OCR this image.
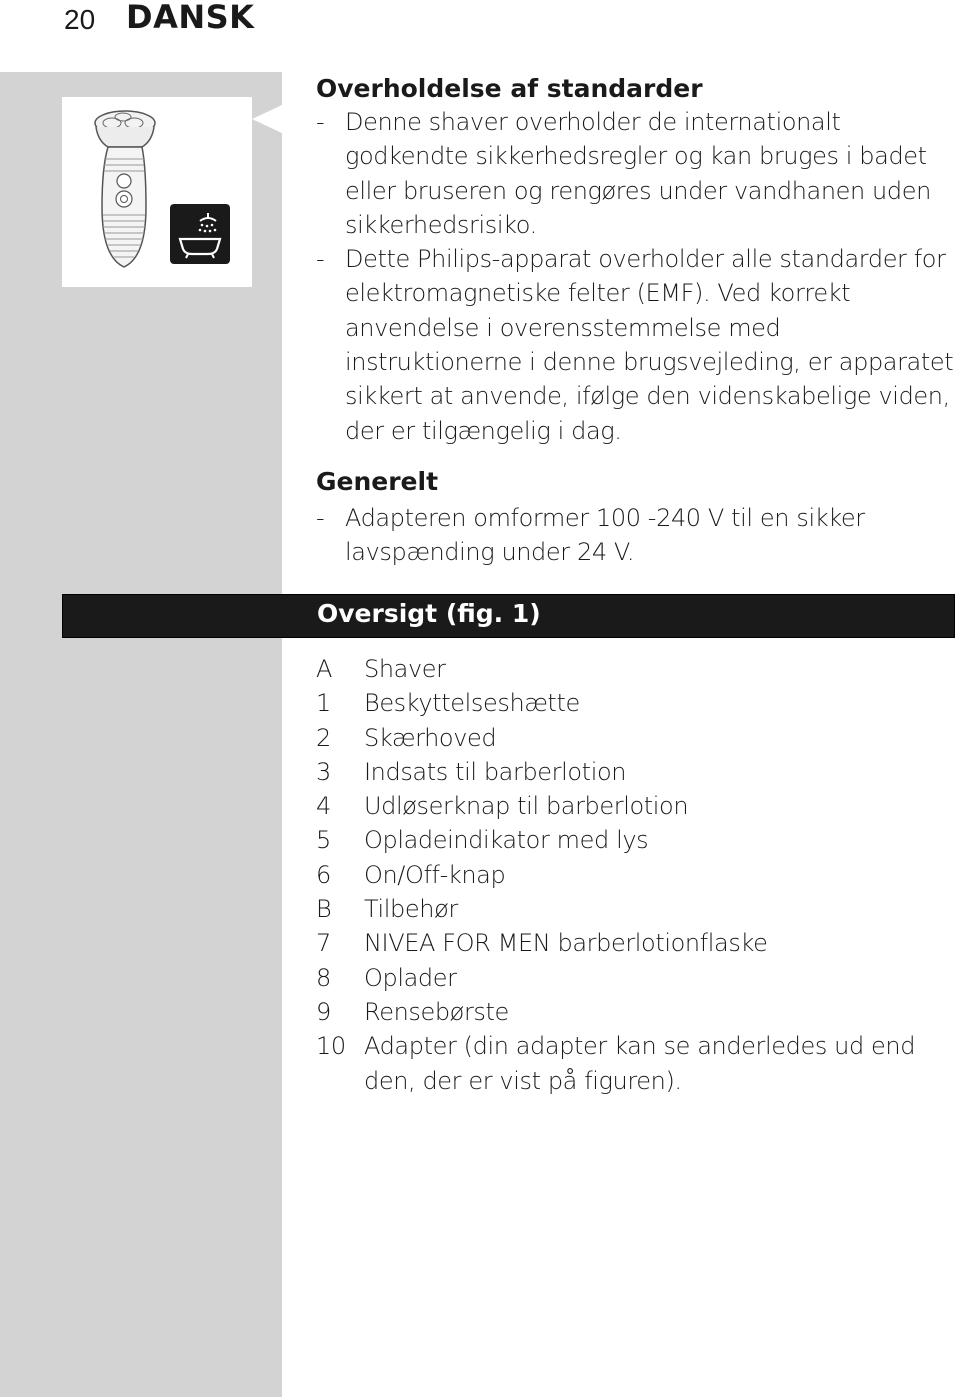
20 DANSK
Overholdelse af standarder
- Denne shaver overholder de internationalt godkendte sikkerhedsregler og kan bruges i badet eller bruseren og rengøres under vandhanen uden sikkerhedsrisiko.
- Dette Philips-apparat overholder alle standarder for elektromagnetiske felter (EMF). Ved korrekt anvendelse i overensstemmelse med instruktionerne i denne brugsvejleding, er apparatet sikkert at anvende, ifølge den videnskabelige viden, der er tilgængelig i dag.
Generelt
- Adapteren omformer 100 -240 V til en sikker lavspænding under 24 V.
Oversigt (fig. 1)
A Shaver
1 Beskyttelseshætte
2 Skærhoved
3 Indsats til barberlotion
4 Udløserknap til barberlotion
5 Opladeindikator med lys
6 On/Off-knap
B Tilbehør
7 NIVEA FOR MEN barberlotionflaske
8 Oplader
9 Rensebørste
10 Adapter (din adapter kan se anderledes ud end den, der er vist på figuren).
